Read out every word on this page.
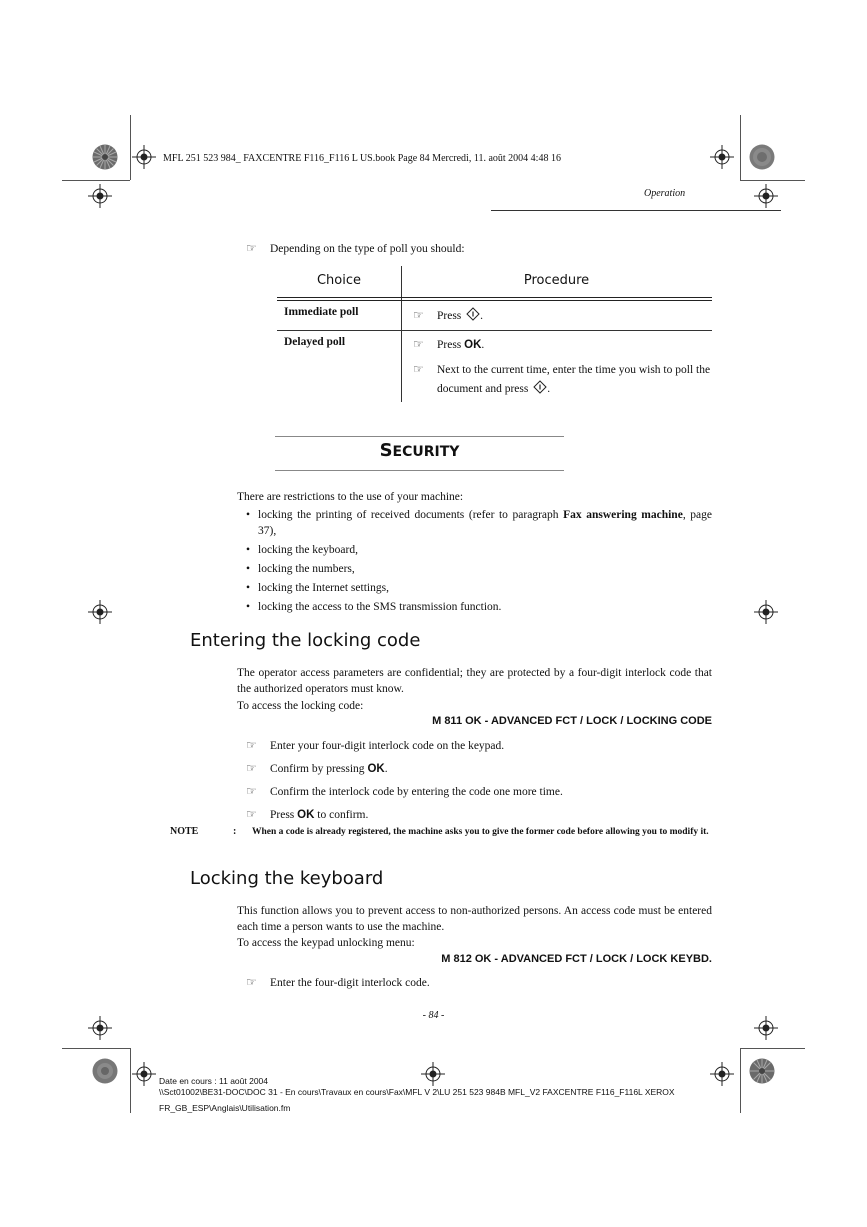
MFL 251 523 984_ FAXCENTRE F116_F116 L US.book Page 84 Mercredi, 11. août 2004 4:48 16
Operation
☞ Depending on the type of poll you should:
Choice	Procedure
Immediate poll	☞ Press .
Delayed poll	☞ Press OK.
☞ Next to the current time, enter the time you wish to poll the
document and press .
SECURITY
There are restrictions to the use of your machine:
• locking the printing of received documents (refer to paragraph Fax answering machine, page 37),
• locking the keyboard,
• locking the numbers,
• locking the Internet settings,
• locking the access to the SMS transmission function.
Entering the locking code
The operator access parameters are confidential; they are protected by a four-digit interlock code that the authorized operators must know.
To access the locking code:
M 811 OK - ADVANCED FCT / LOCK / LOCKING CODE
☞ Enter your four-digit interlock code on the keypad.
☞ Confirm by pressing OK.
☞ Confirm the interlock code by entering the code one more time.
☞ Press OK to confirm.
NOTE	: When a code is already registered, the machine asks you to give the former code before allowing you to modify it.
Locking the keyboard
This function allows you to prevent access to non-authorized persons. An access code must be entered each time a person wants to use the machine.
To access the keypad unlocking menu:
M 812 OK - ADVANCED FCT / LOCK / LOCK KEYBD.
☞ Enter the four-digit interlock code.
- 84 -
Date en cours : 11 août 2004
\\Sct01002\BE31-DOC\DOC 31 - En cours\Travaux en cours\Fax\MFL V 2\LU 251 523 984B MFL_V2 FAXCENTRE F116_F116L XEROX
FR_GB_ESP\Anglais\Utilisation.fm
